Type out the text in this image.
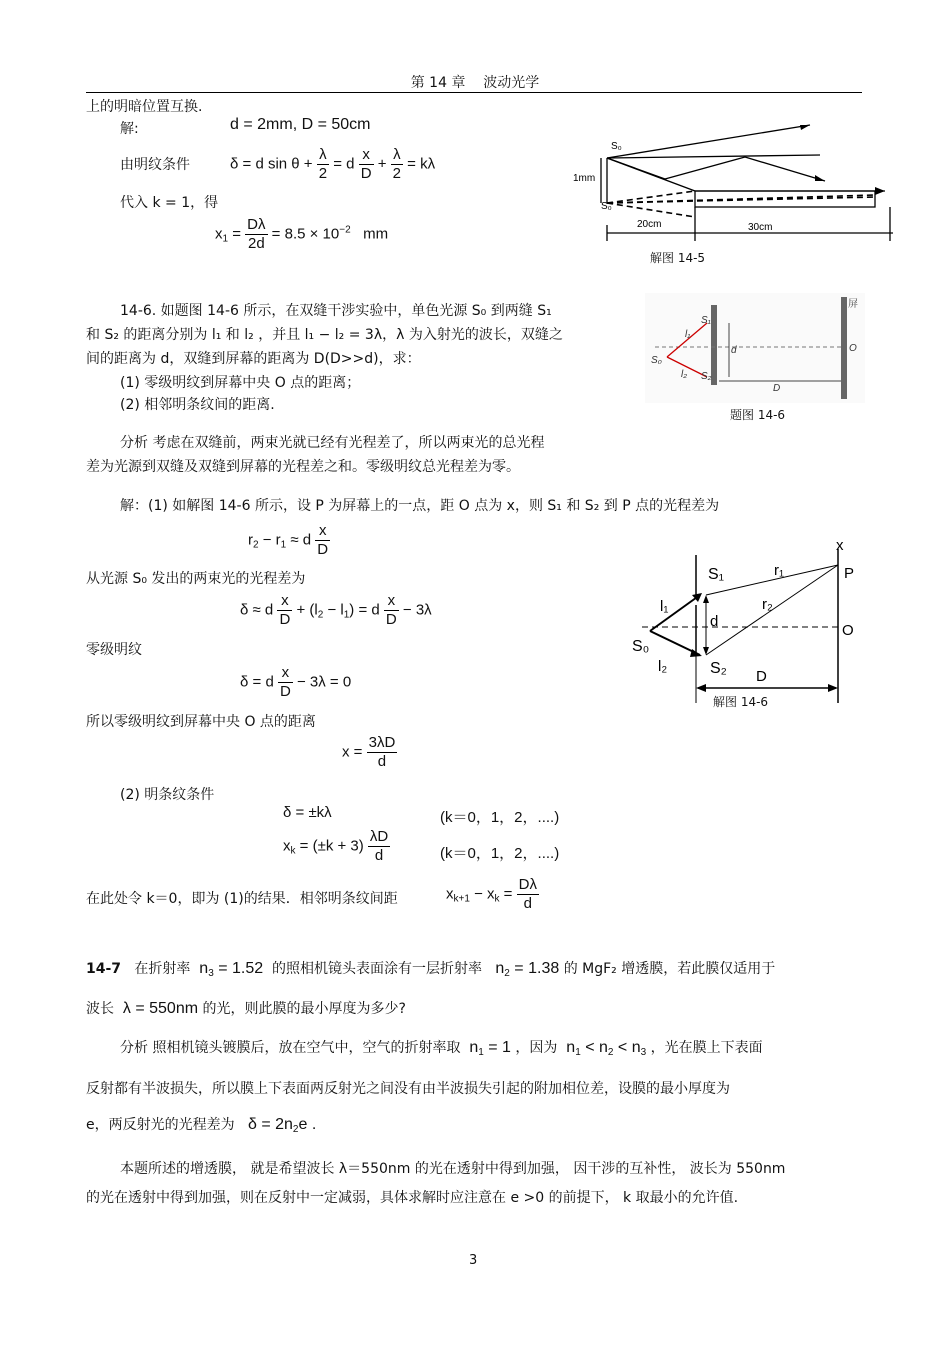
第 14 章 波动光学
上的明暗位置互换.
解:	d = 2mm, D = 50cm
由明纹条件	δ = d $\sin \theta + \frac{\lambda}{2} = d \frac{x}{D} + \frac{\lambda}{2} = k\lambda$
代入 k = 1，得
$x_1 = \frac{D\lambda}{2d} = 8.5 \times 10^{-2}$   mm
S₀
S₀'
1mm
20cm	30cm
解图 14-5
14-6. 如题图 14-6 所示，在双缝干涉实验中，单色光源 S₀ 到两缝 S₁
和 S₂ 的距离分别为 l₁ 和 l₂ ，并且 l₁ − l₂ = 3λ，λ 为入射光的波长，双缝之
间的距离为 d，双缝到屏幕的距离为 D(D>>d)，求：
(1) 零级明纹到屏幕中央 O 点的距离；
(2) 相邻明条纹间的距离.
屏
S₀
S₁
S₂
l₁
l₂
d
D
O
题图 14-6
分析 考虑在双缝前，两束光就已经有光程差了，所以两束光的总光程
差为光源到双缝及双缝到屏幕的光程差之和。零级明纹总光程差为零。
解：(1) 如解图 14-6 所示，设 P 为屏幕上的一点，距 O 点为 x，则 S₁ 和 S₂ 到 P 点的光程差为
$r_2 - r_1 \approx d \frac{x}{D}$
从光源 S₀ 发出的两束光的光程差为
δ ≈ d $\frac{x}{D} + (l_2 - l_1) = d \frac{x}{D} - 3\lambda$
零级明纹
δ = d $\frac{x}{D} - 3\lambda = 0$
所以零级明纹到屏幕中央 O 点的距离
$x = \frac{3\lambda D}{d}$
(2) 明条纹条件
δ = ±kλ	(k＝0，1，2，....)
$x_k = (\pm k + 3) \frac{\lambda D}{d}$	(k＝0，1，2，....)
在此处令 k＝0，即为 (1)的结果．相邻明条纹间距	$x_{k+1} - x_k = \frac{D\lambda}{d}$
S₁
S₂
S₀
d
D
O
x
P
r₁
r₂
l₁
l₂
解图 14-6
14-7 在折射率  $n_3 = 1.52$  的照相机镜头表面涂有一层折射率   $n_2 = 1.38$ 的 MgF₂ 增透膜，若此膜仅适用于
波长  λ = 550nm 的光，则此膜的最小厚度为多少?
分析 照相机镜头镀膜后，放在空气中，空气的折射率取  $n_1 = 1$ ，因为  $n_1 < n_2 < n_3$ ，光在膜上下表面
反射都有半波损失，所以膜上下表面两反射光之间没有由半波损失引起的附加相位差，设膜的最小厚度为
e，两反射光的光程差为   $\delta = 2n_2e$ .
本题所述的增透膜， 就是希望波长 λ＝550nm 的光在透射中得到加强， 因干涉的互补性， 波长为 550nm
的光在透射中得到加强，则在反射中一定减弱，具体求解时应注意在 e >0 的前提下， k 取最小的允许值.
3
